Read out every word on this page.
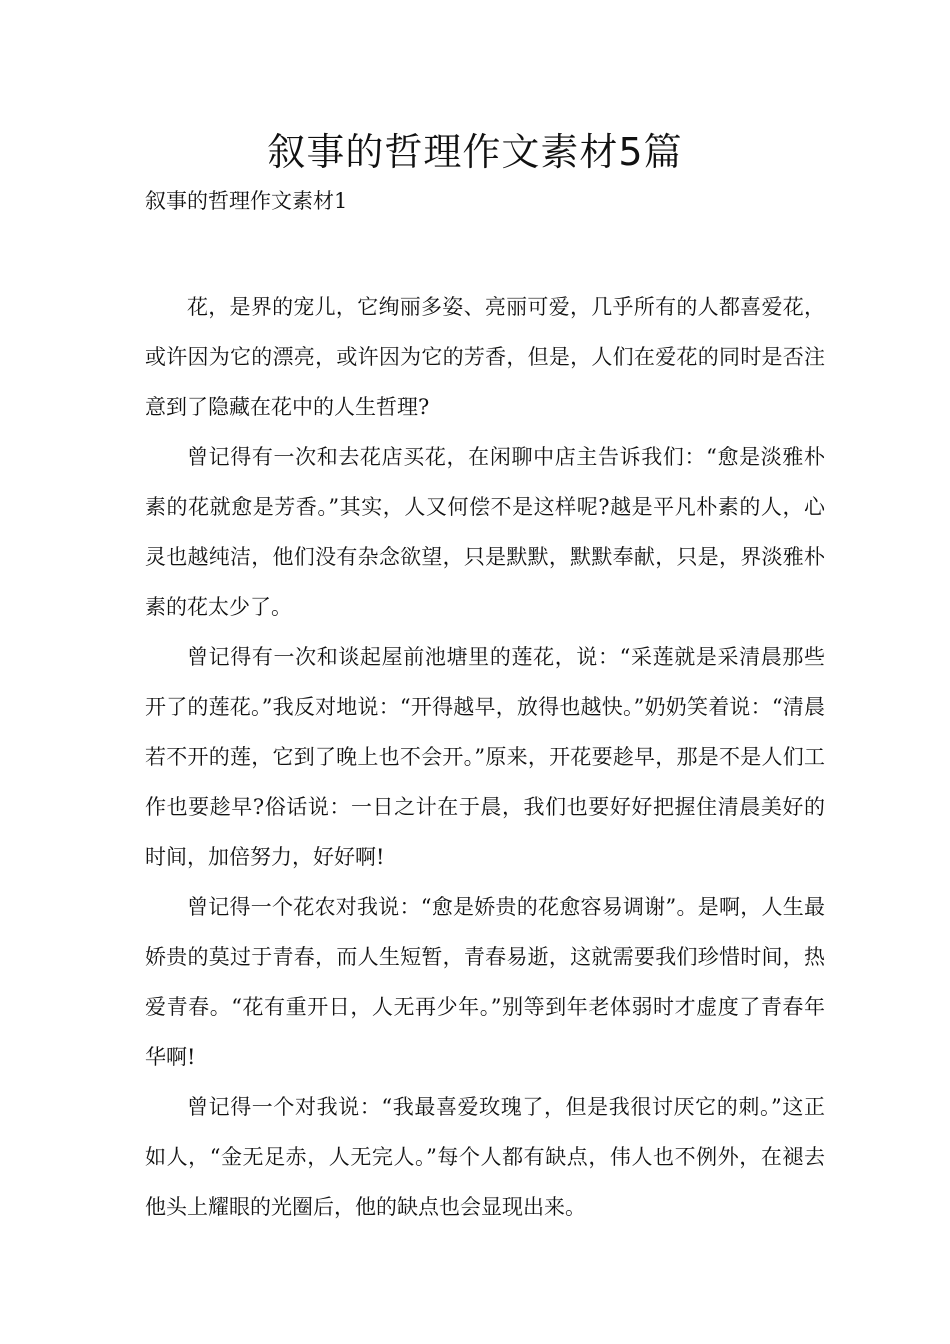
叙事的哲理作文素材5篇

叙事的哲理作文素材1

花，是界的宠儿，它绚丽多姿、亮丽可爱，几乎所有的人都喜爱花，或许因为它的漂亮，或许因为它的芳香，但是，人们在爱花的同时是否注意到了隐藏在花中的人生哲理?

曾记得有一次和去花店买花，在闲聊中店主告诉我们：“愈是淡雅朴素的花就愈是芳香。”其实，人又何偿不是这样呢?越是平凡朴素的人，心灵也越纯洁，他们没有杂念欲望，只是默默，默默奉献，只是，界淡雅朴素的花太少了。

曾记得有一次和谈起屋前池塘里的莲花，说：“采莲就是采清晨那些开了的莲花。”我反对地说：“开得越早，放得也越快。”奶奶笑着说：“清晨若不开的莲，它到了晚上也不会开。”原来，开花要趁早，那是不是人们工作也要趁早?俗话说：一日之计在于晨，我们也要好好把握住清晨美好的时间，加倍努力，好好啊!

曾记得一个花农对我说：“愈是娇贵的花愈容易调谢”。是啊，人生最娇贵的莫过于青春，而人生短暂，青春易逝，这就需要我们珍惜时间，热爱青春。“花有重开日，人无再少年。”别等到年老体弱时才虚度了青春年华啊!

曾记得一个对我说：“我最喜爱玫瑰了，但是我很讨厌它的刺。”这正如人，“金无足赤，人无完人。”每个人都有缺点，伟人也不例外，在褪去他头上耀眼的光圈后，他的缺点也会显现出来。
